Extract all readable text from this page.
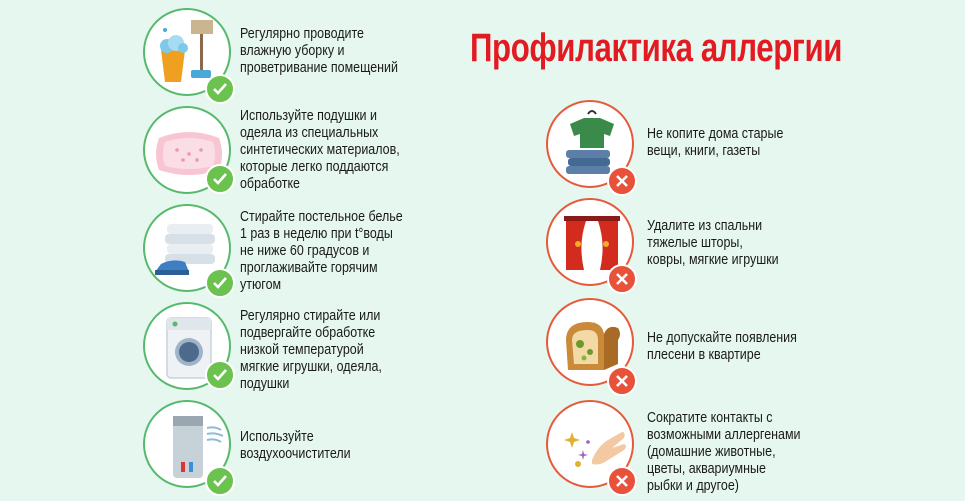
Профилактика аллергии
Регулярно проводите
влажную уборку и
проветривание помещений
Используйте подушки и
одеяла из специальных
синтетических материалов,
которые легко поддаются
обработке
Стирайте постельное белье
1 раз в неделю при t°воды
не ниже 60 градусов и
проглаживайте горячим
утюгом
Регулярно стирайте или
подвергайте обработке
низкой температурой
мягкие игрушки, одеяла,
подушки
Используйте
воздухоочистители
Не копите дома старые
вещи, книги, газеты
Удалите из спальни
тяжелые шторы,
ковры, мягкие игрушки
Не допускайте появления
плесени в квартире
Сократите контакты с
возможными аллергенами
(домашние животные,
цветы, аквариумные
рыбки и другое)
